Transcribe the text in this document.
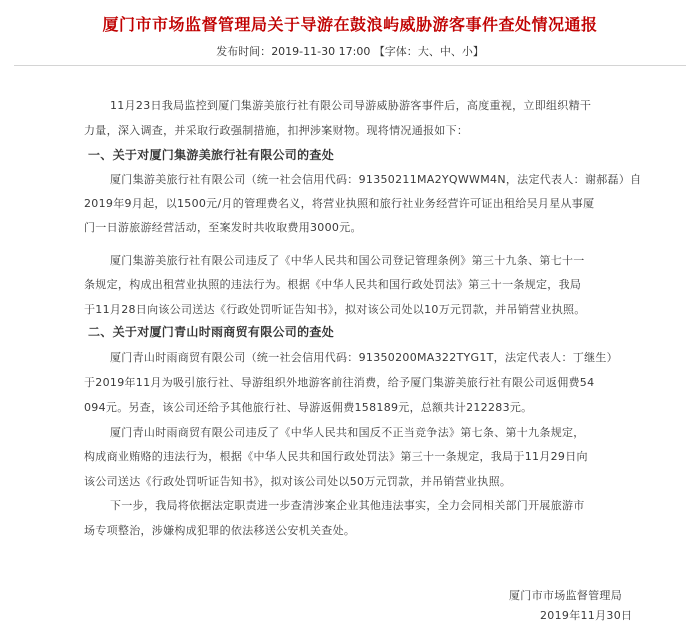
厦门市市场监督管理局关于导游在鼓浪屿威胁游客事件查处情况通报
发布时间：2019-11-30 17:00 【字体：大、中、小】
11月23日我局监控到厦门集游美旅行社有限公司导游威胁游客事件后，高度重视，立即组织精干
力量，深入调查，并采取行政强制措施，扣押涉案财物。现将情况通报如下：
一、关于对厦门集游美旅行社有限公司的查处
厦门集游美旅行社有限公司（统一社会信用代码：91350211MA2YQWWM4N，法定代表人：谢郝磊）自
2019年9月起，以1500元/月的管理费名义，将营业执照和旅行社业务经营许可证出租给吴月星从事厦
门一日游旅游经营活动，至案发时共收取费用3000元。
厦门集游美旅行社有限公司违反了《中华人民共和国公司登记管理条例》第三十九条、第七十一
条规定，构成出租营业执照的违法行为。根据《中华人民共和国行政处罚法》第三十一条规定，我局
于11月28日向该公司送达《行政处罚听证告知书》，拟对该公司处以10万元罚款，并吊销营业执照。
二、关于对厦门青山时雨商贸有限公司的查处
厦门青山时雨商贸有限公司（统一社会信用代码：91350200MA322TYG1T，法定代表人：丁继生）
于2019年11月为吸引旅行社、导游组织外地游客前往消费，给予厦门集游美旅行社有限公司返佣费54
094元。另查，该公司还给予其他旅行社、导游返佣费158189元，总额共计212283元。
厦门青山时雨商贸有限公司违反了《中华人民共和国反不正当竞争法》第七条、第十九条规定，
构成商业贿赂的违法行为，根据《中华人民共和国行政处罚法》第三十一条规定，我局于11月29日向
该公司送达《行政处罚听证告知书》，拟对该公司处以50万元罚款，并吊销营业执照。
下一步，我局将依据法定职责进一步查清涉案企业其他违法事实，全力会同相关部门开展旅游市
场专项整治，涉嫌构成犯罪的依法移送公安机关查处。
厦门市市场监督管理局
2019年11月30日
